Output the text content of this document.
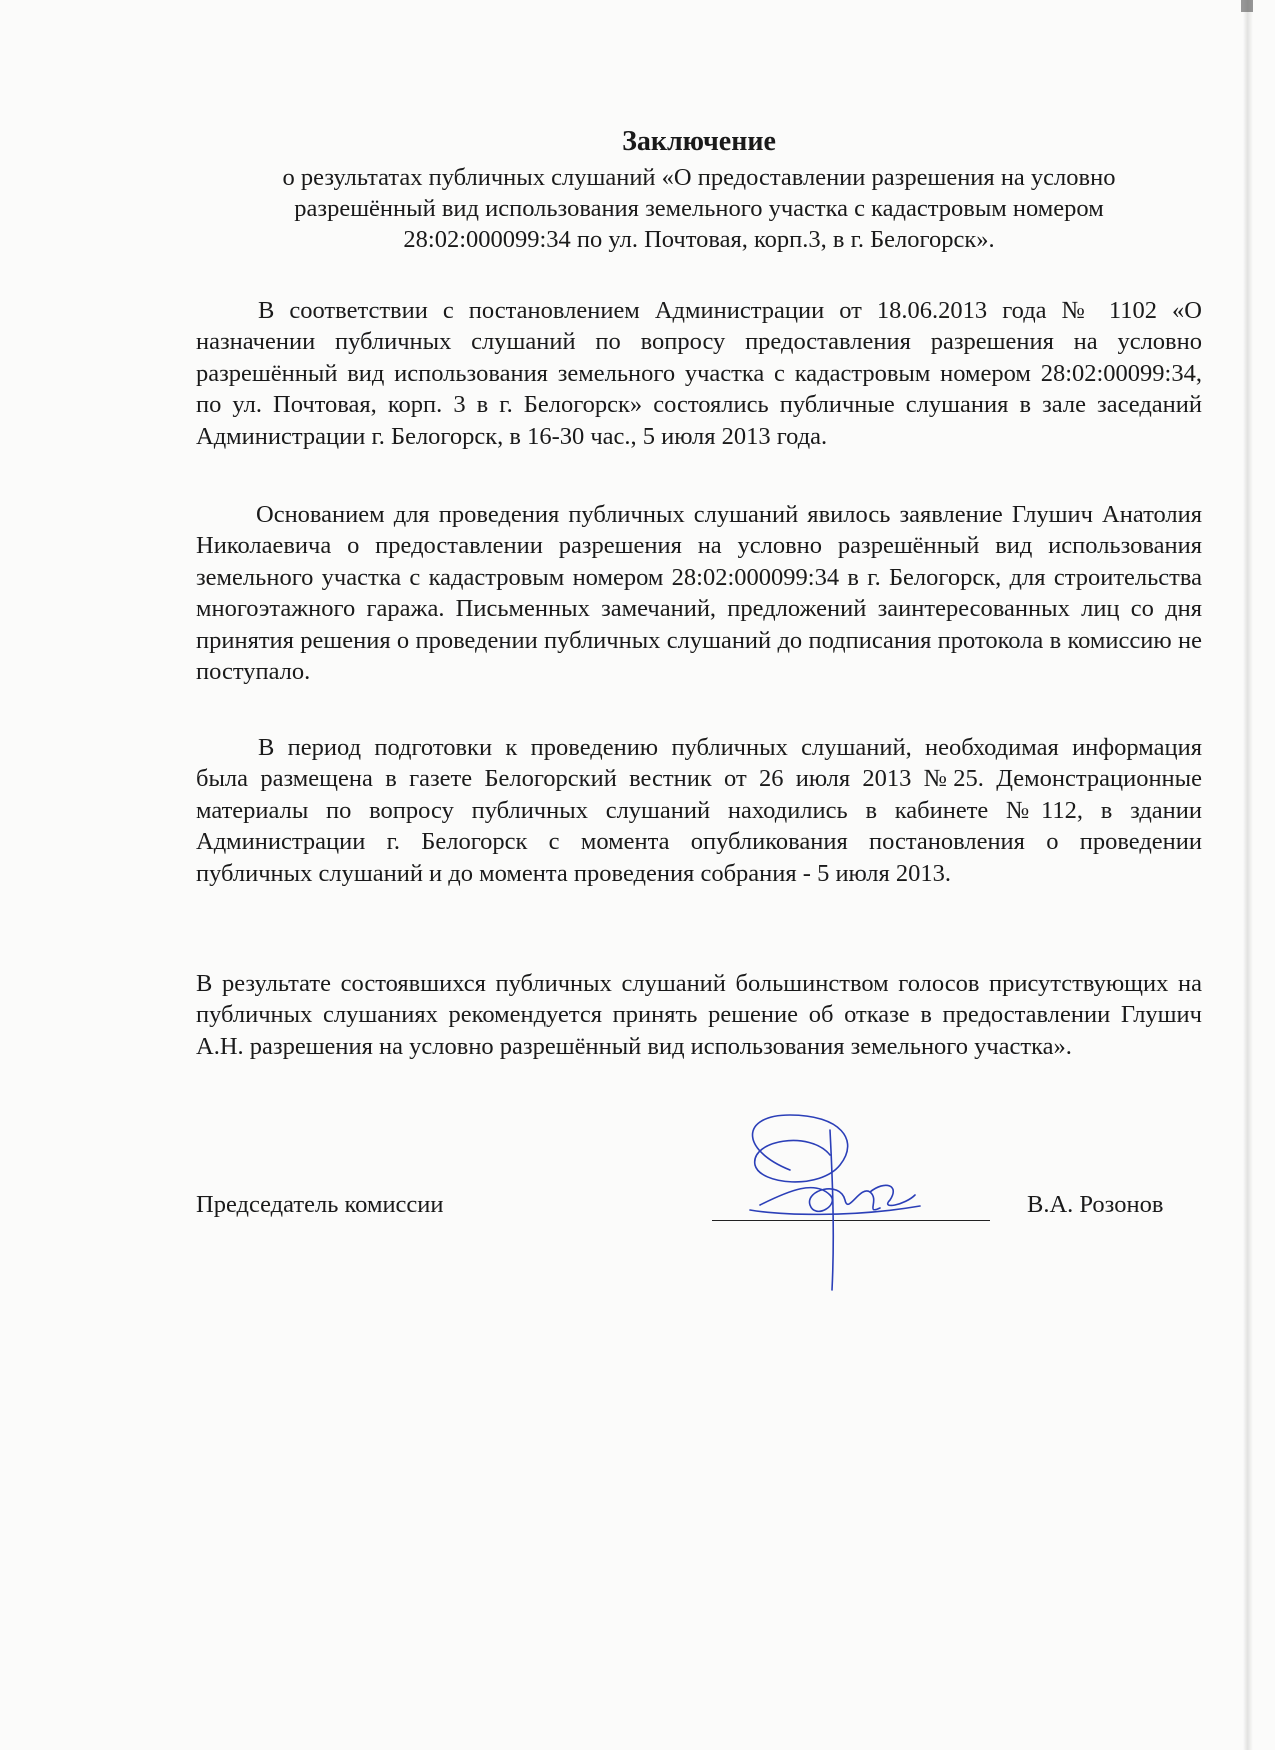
Заключение
о результатах публичных слушаний «О предоставлении разрешения на условно
разрешённый вид использования земельного участка с кадастровым номером
28:02:000099:34 по ул. Почтовая, корп.3, в г. Белогорск».

В соответствии с постановлением Администрации от 18.06.2013 года № 1102 «О назначении публичных слушаний по вопросу предоставления разрешения на условно разрешённый вид использования земельного участка с кадастровым номером 28:02:00099:34, по ул. Почтовая, корп. 3 в г. Белогорск» состоялись публичные слушания в зале заседаний Администрации г. Белогорск, в 16-30 час., 5 июля 2013 года.

Основанием для проведения публичных слушаний явилось заявление Глушич Анатолия Николаевича о предоставлении разрешения на условно разрешённый вид использования земельного участка с кадастровым номером 28:02:000099:34 в г. Белогорск, для строительства многоэтажного гаража. Письменных замечаний, предложений заинтересованных лиц со дня принятия решения о проведении публичных слушаний до подписания протокола в комиссию не поступало.

В период подготовки к проведению публичных слушаний, необходимая информация была размещена в газете Белогорский вестник от 26 июля 2013 №25. Демонстрационные материалы по вопросу публичных слушаний находились в кабинете №112, в здании Администрации г. Белогорск с момента опубликования постановления о проведении публичных слушаний и до момента проведения собрания - 5 июля 2013.

В результате состоявшихся публичных слушаний большинством голосов присутствующих на публичных слушаниях рекомендуется принять решение об отказе в предоставлении Глушич А.Н. разрешения на условно разрешённый вид использования земельного участка».

Председатель комиссии	В.А. Розонов
